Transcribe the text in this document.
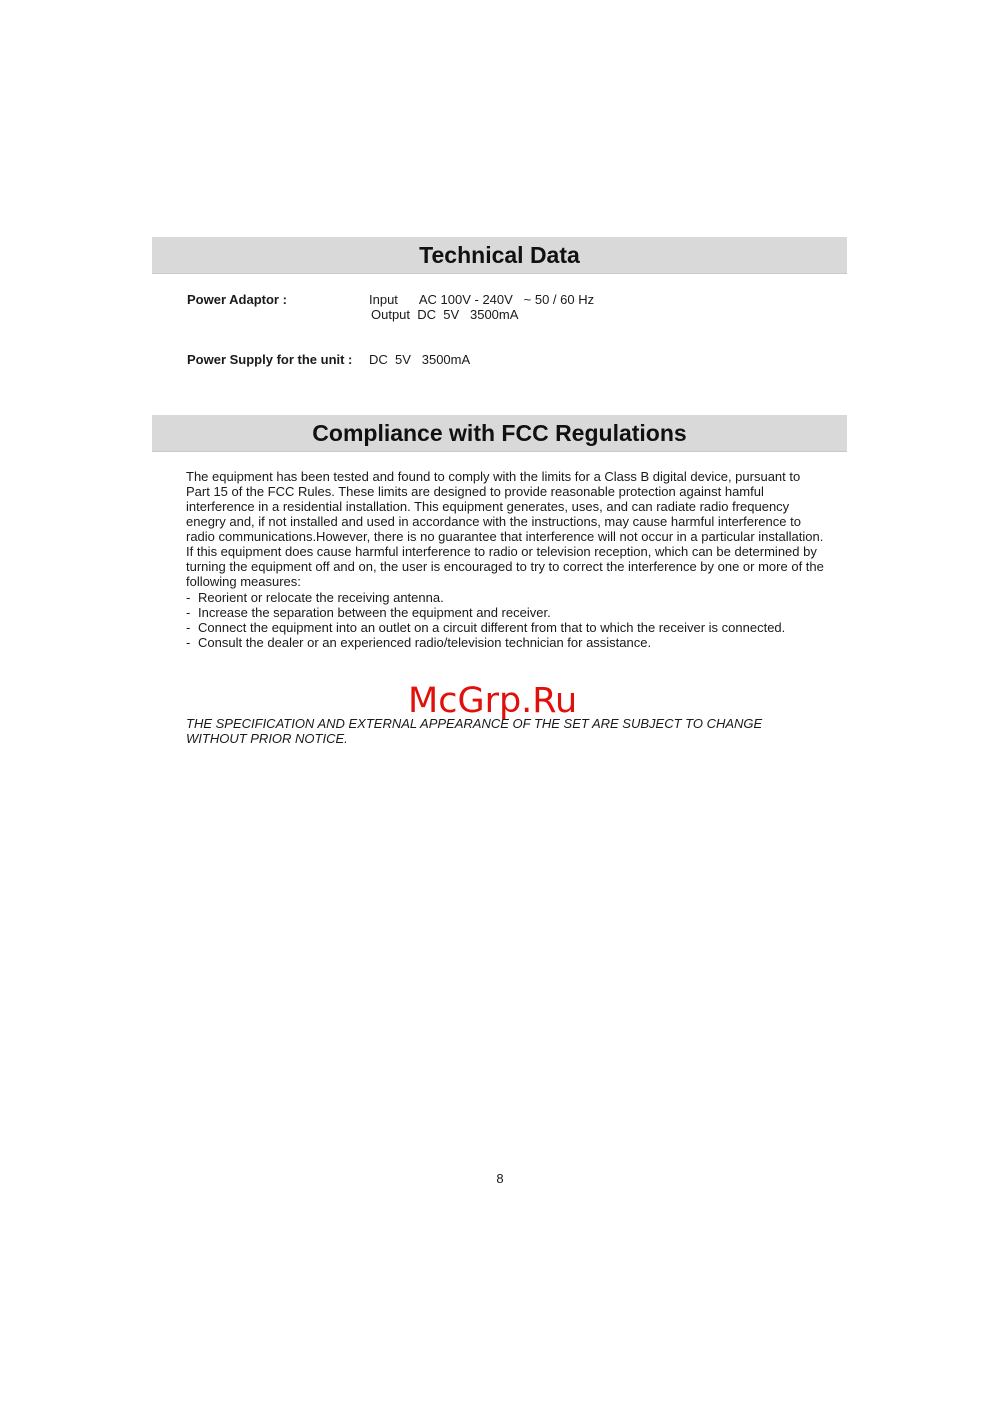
Technical Data
Power Adaptor :	Input      AC 100V - 240V   ~ 50 / 60 Hz
Output  DC  5V   3500mA
Power Supply for the unit : DC  5V   3500mA
Compliance with FCC Regulations

The equipment has been tested and found to comply with the limits for a Class B digital device, pursuant to Part 15 of the FCC Rules. These limits are designed to provide reasonable protection against hamful interference in a residential installation. This equipment generates, uses, and can radiate radio frequency enegry and, if not installed and used in accordance with the instructions, may cause harmful interference to radio communications.However, there is no guarantee that interference will not occur in a particular installation. If this equipment does cause harmful interference to radio or television reception, which can be determined by turning the equipment off and on, the user is encouraged to try to correct the interference by one or more of the following measures:

- Reorient or relocate the receiving antenna.
- Increase the separation between the equipment and receiver.
- Connect the equipment into an outlet on a circuit different from that to which the receiver is connected.
- Consult the dealer or an experienced radio/television technician for assistance.
McGrp.Ru

THE SPECIFICATION AND EXTERNAL APPEARANCE OF THE SET ARE SUBJECT TO CHANGE WITHOUT PRIOR NOTICE.

8
